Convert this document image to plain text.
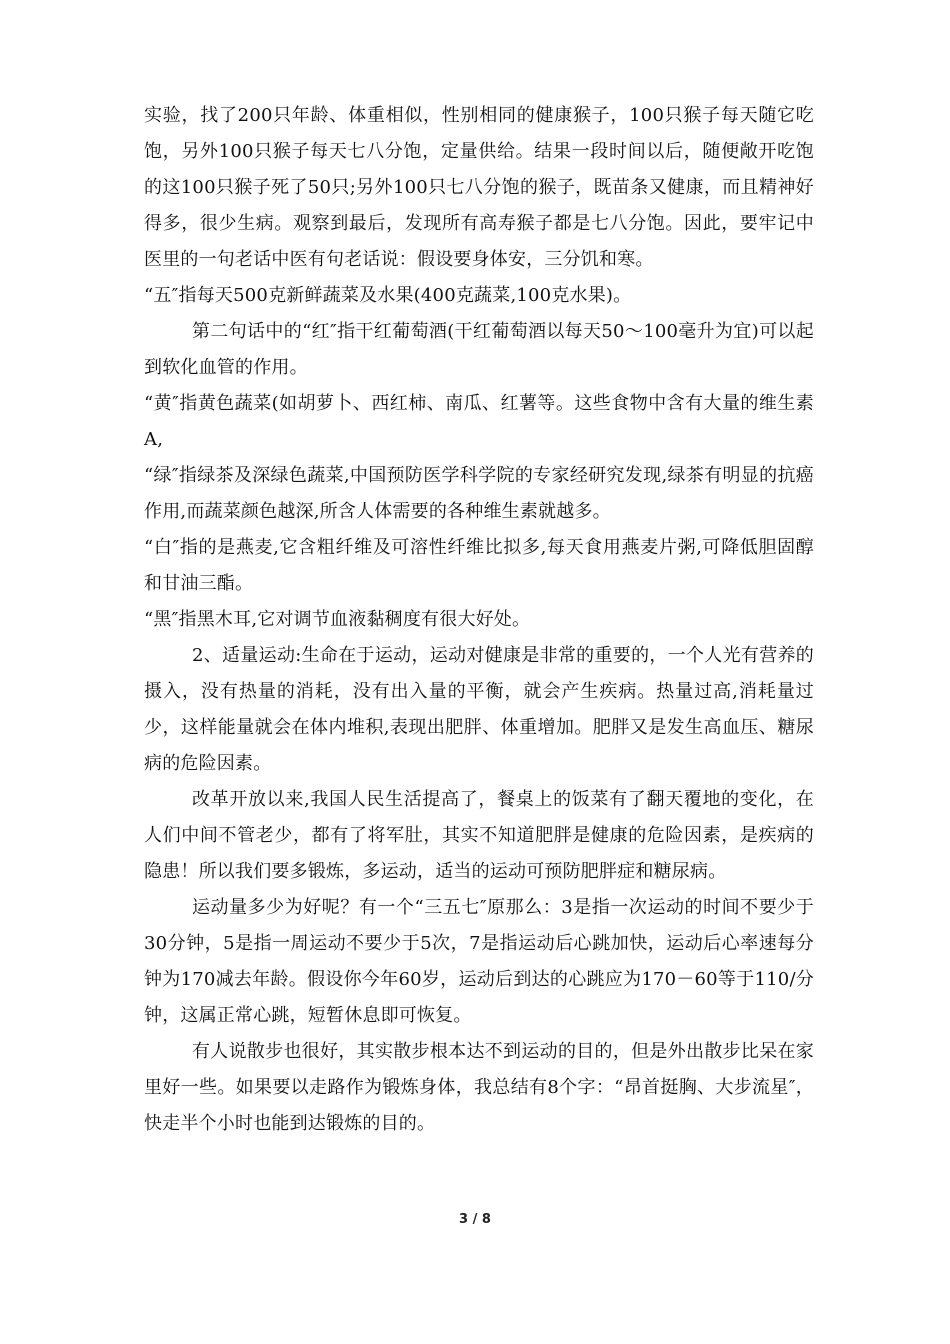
实验，找了200只年龄、体重相似，性别相同的健康猴子，100只猴子每天随它吃饱，另外100只猴子每天七八分饱，定量供给。结果一段时间以后，随便敞开吃饱的这100只猴子死了50只;另外100只七八分饱的猴子，既苗条又健康，而且精神好得多，很少生病。观察到最后，发现所有高寿猴子都是七八分饱。因此，要牢记中医里的一句老话中医有句老话说：假设要身体安，三分饥和寒。

“五″指每天500克新鲜蔬菜及水果(400克蔬菜,100克水果)。

第二句话中的“红″指干红葡萄酒(干红葡萄酒以每天50～100毫升为宜)可以起到软化血管的作用。

“黄″指黄色蔬菜(如胡萝卜、西红柿、南瓜、红薯等。这些食物中含有大量的维生素A,

“绿″指绿茶及深绿色蔬菜,中国预防医学科学院的专家经研究发现,绿茶有明显的抗癌作用,而蔬菜颜色越深,所含人体需要的各种维生素就越多。

“白″指的是燕麦,它含粗纤维及可溶性纤维比拟多,每天食用燕麦片粥,可降低胆固醇和甘油三酯。

“黑″指黑木耳,它对调节血液黏稠度有很大好处。

2、适量运动:生命在于运动，运动对健康是非常的重要的，一个人光有营养的摄入，没有热量的消耗，没有出入量的平衡，就会产生疾病。热量过高,消耗量过少，这样能量就会在体内堆积,表现出肥胖、体重增加。肥胖又是发生高血压、糖尿病的危险因素。

改革开放以来,我国人民生活提高了，餐桌上的饭菜有了翻天覆地的变化，在人们中间不管老少，都有了将军肚，其实不知道肥胖是健康的危险因素，是疾病的隐患！所以我们要多锻炼，多运动，适当的运动可预防肥胖症和糖尿病。

运动量多少为好呢？有一个“三五七″原那么：3是指一次运动的时间不要少于30分钟，5是指一周运动不要少于5次，7是指运动后心跳加快，运动后心率速每分钟为170减去年龄。假设你今年60岁，运动后到达的心跳应为170－60等于110/分钟，这属正常心跳，短暂休息即可恢复。

有人说散步也很好，其实散步根本达不到运动的目的，但是外出散步比呆在家里好一些。如果要以走路作为锻炼身体，我总结有8个字：“昂首挺胸、大步流星″，快走半个小时也能到达锻炼的目的。

3 / 8
